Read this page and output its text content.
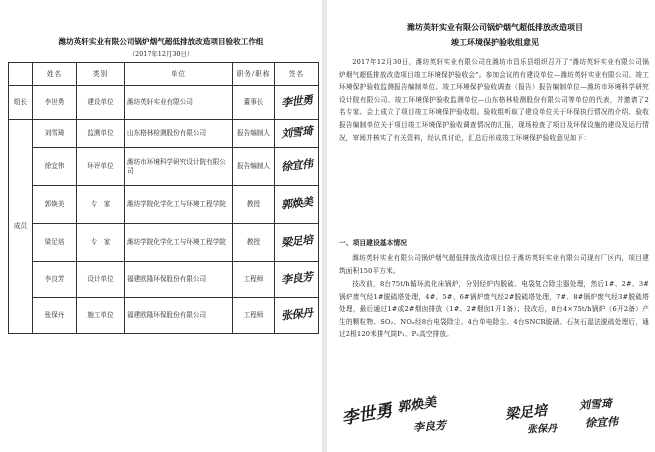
潍坊英轩实业有限公司锅炉烟气超低排放改造项目验收工作组
（2017年12月30日）
	姓名	类别	单位	职务/职称	签名
组长	李世勇	建设单位	潍坊英轩实业有限公司	董事长	李世勇
成员	刘雪琦	监测单位	山东格林检测股份有限公司	报告编制人	刘雪琦
	徐宜伟	环评单位	潍坊市环境科学研究设计院有限公司	报告编制人	徐宜伟
	郭焕美	专　家	潍坊学院化学化工与环境工程学院	教授	郭焕美
	梁足培	专　家	潍坊学院化学化工与环境工程学院	教授	梁足培
	李良芳	设计单位	福建欧隆环保股份有限公司	工程师	李良芳
	张保丹	施工单位	福建欧隆环保股份有限公司	工程师	张保丹
潍坊英轩实业有限公司锅炉烟气超低排放改造项目
竣工环境保护验收组意见
2017年12月30日，潍坊英轩实业有限公司在潍坊市昌乐县组织召开了“潍坊英轩实业有限公司锅炉烟气超低排放改造项目竣工环境保护验收会”。参加会议的有建设单位—潍坊英轩实业有限公司、竣工环境保护验收监测报告编制单位、竣工环境保护验收调查（报告）报告编制单位—潍坊市环境科学研究设计院有限公司、竣工环境保护验收监测单位—山东格林检测股份有限公司等单位的代表，并邀请了2名专家。会上成立了项目竣工环境保护验收组。验收组听取了建设单位关于环保执行情况的介绍、验收报告编制单位关于项目竣工环境保护验收调查情况的汇报，现场检查了项目及环保设施的建设及运行情况，审阅并核实了有关资料，经认真讨论，汇总后形成竣工环境保护验收意见如下：
一、项目建设基本情况
潍坊英轩实业有限公司锅炉烟气超低排放改造项目位于潍坊英轩实业有限公司现有厂区内，项目建筑面积150平方米。
技改前，8台75t/h循环流化床锅炉，分别经炉内脱硫、电袋复合除尘器处理，然后1#、2#、3#锅炉废气经1#脱硫塔处理，4#、5#、6#锅炉废气经2#脱硫塔处理，7#、8#锅炉废气经3#脱硫塔处理，最后通过1#或2#烟囱排放（1#、2#烟囱1开1备）；技改后，8台4×75t/h锅炉（6开2备）产生的颗粒物、SO₂、NOₓ经8台电袋除尘、4台单电除尘、4台SNCR脱硝、石灰石湿法脱硫处理后，通过2根120米排气筒P₁、P₂高空排放。
李世勇 郭焕美
李良芳
梁足培	刘雪琦
张保丹 徐宜伟
